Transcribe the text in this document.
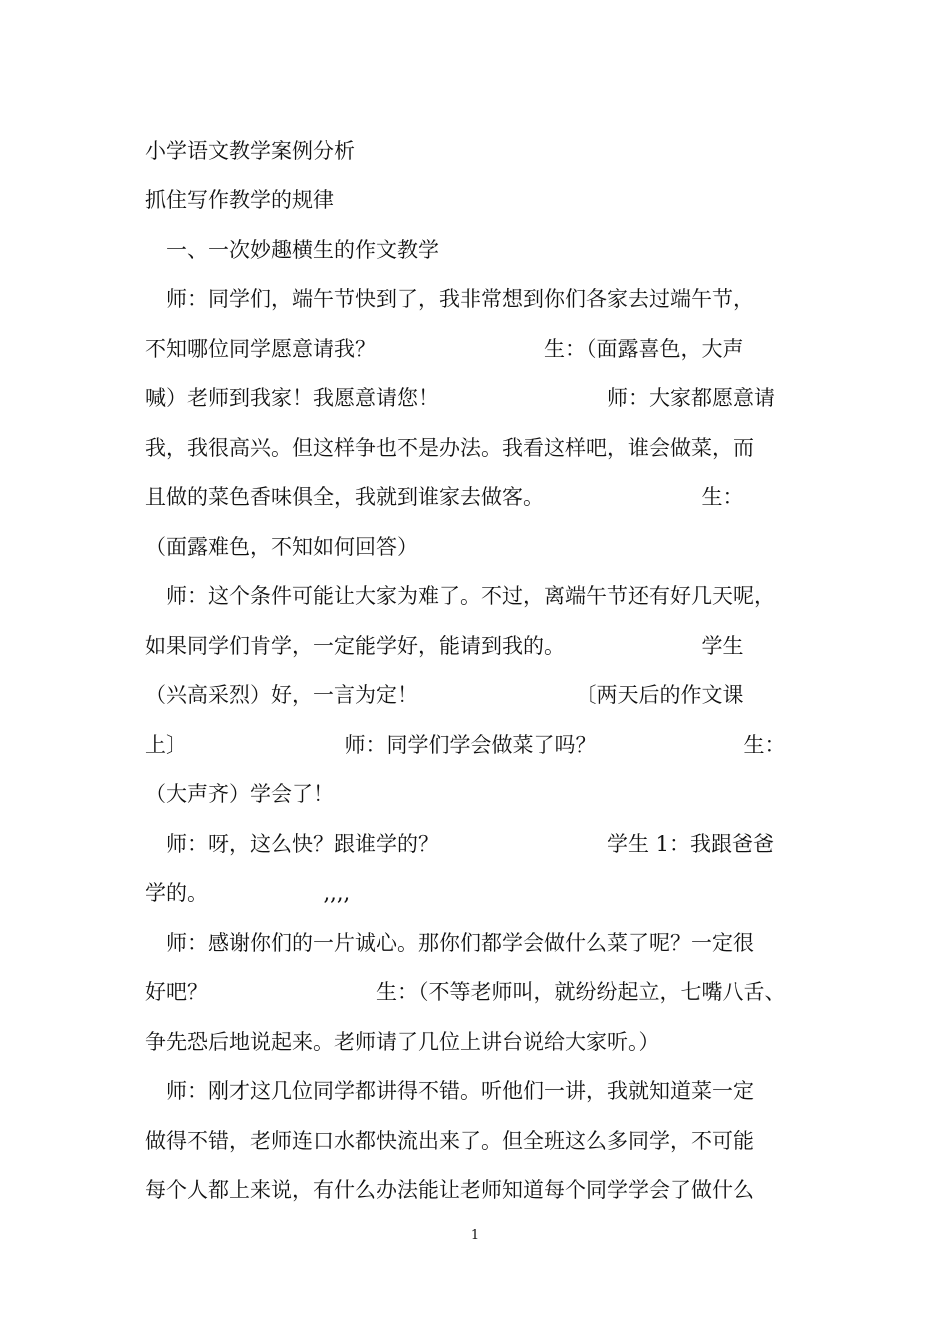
小学语文教学案例分析
抓住写作教学的规律
　一、一次妙趣横生的作文教学
　师：同学们，端午节快到了，我非常想到你们各家去过端午节，
不知哪位同学愿意请我？　　　　　　　　生：（面露喜色，大声
喊）老师到我家！我愿意请您！　　　　　　　　师：大家都愿意请
我，我很高兴。但这样争也不是办法。我看这样吧，谁会做菜，而
且做的菜色香味俱全，我就到谁家去做客。　　　　　　　　生：
（面露难色，不知如何回答）
　师：这个条件可能让大家为难了。不过，离端午节还有好几天呢，
如果同学们肯学，一定能学好，能请到我的。　　　　　　　学生
（兴高采烈）好，一言为定！　　　　　　　　〔两天后的作文课
上〕　　　　　　　　师：同学们学会做菜了吗？　　　　　　　生：
（大声齐）学会了！
　师：呀，这么快？跟谁学的？　　　　　　　　学生 1：我跟爸爸
学的。　　　　　　,,,,
　师：感谢你们的一片诚心。那你们都学会做什么菜了呢？一定很
好吧？　　　　　　　　生：（不等老师叫，就纷纷起立，七嘴八舌、
争先恐后地说起来。老师请了几位上讲台说给大家听。）
　师：刚才这几位同学都讲得不错。听他们一讲，我就知道菜一定
做得不错，老师连口水都快流出来了。但全班这么多同学，不可能
每个人都上来说，有什么办法能让老师知道每个同学学会了做什么
1
